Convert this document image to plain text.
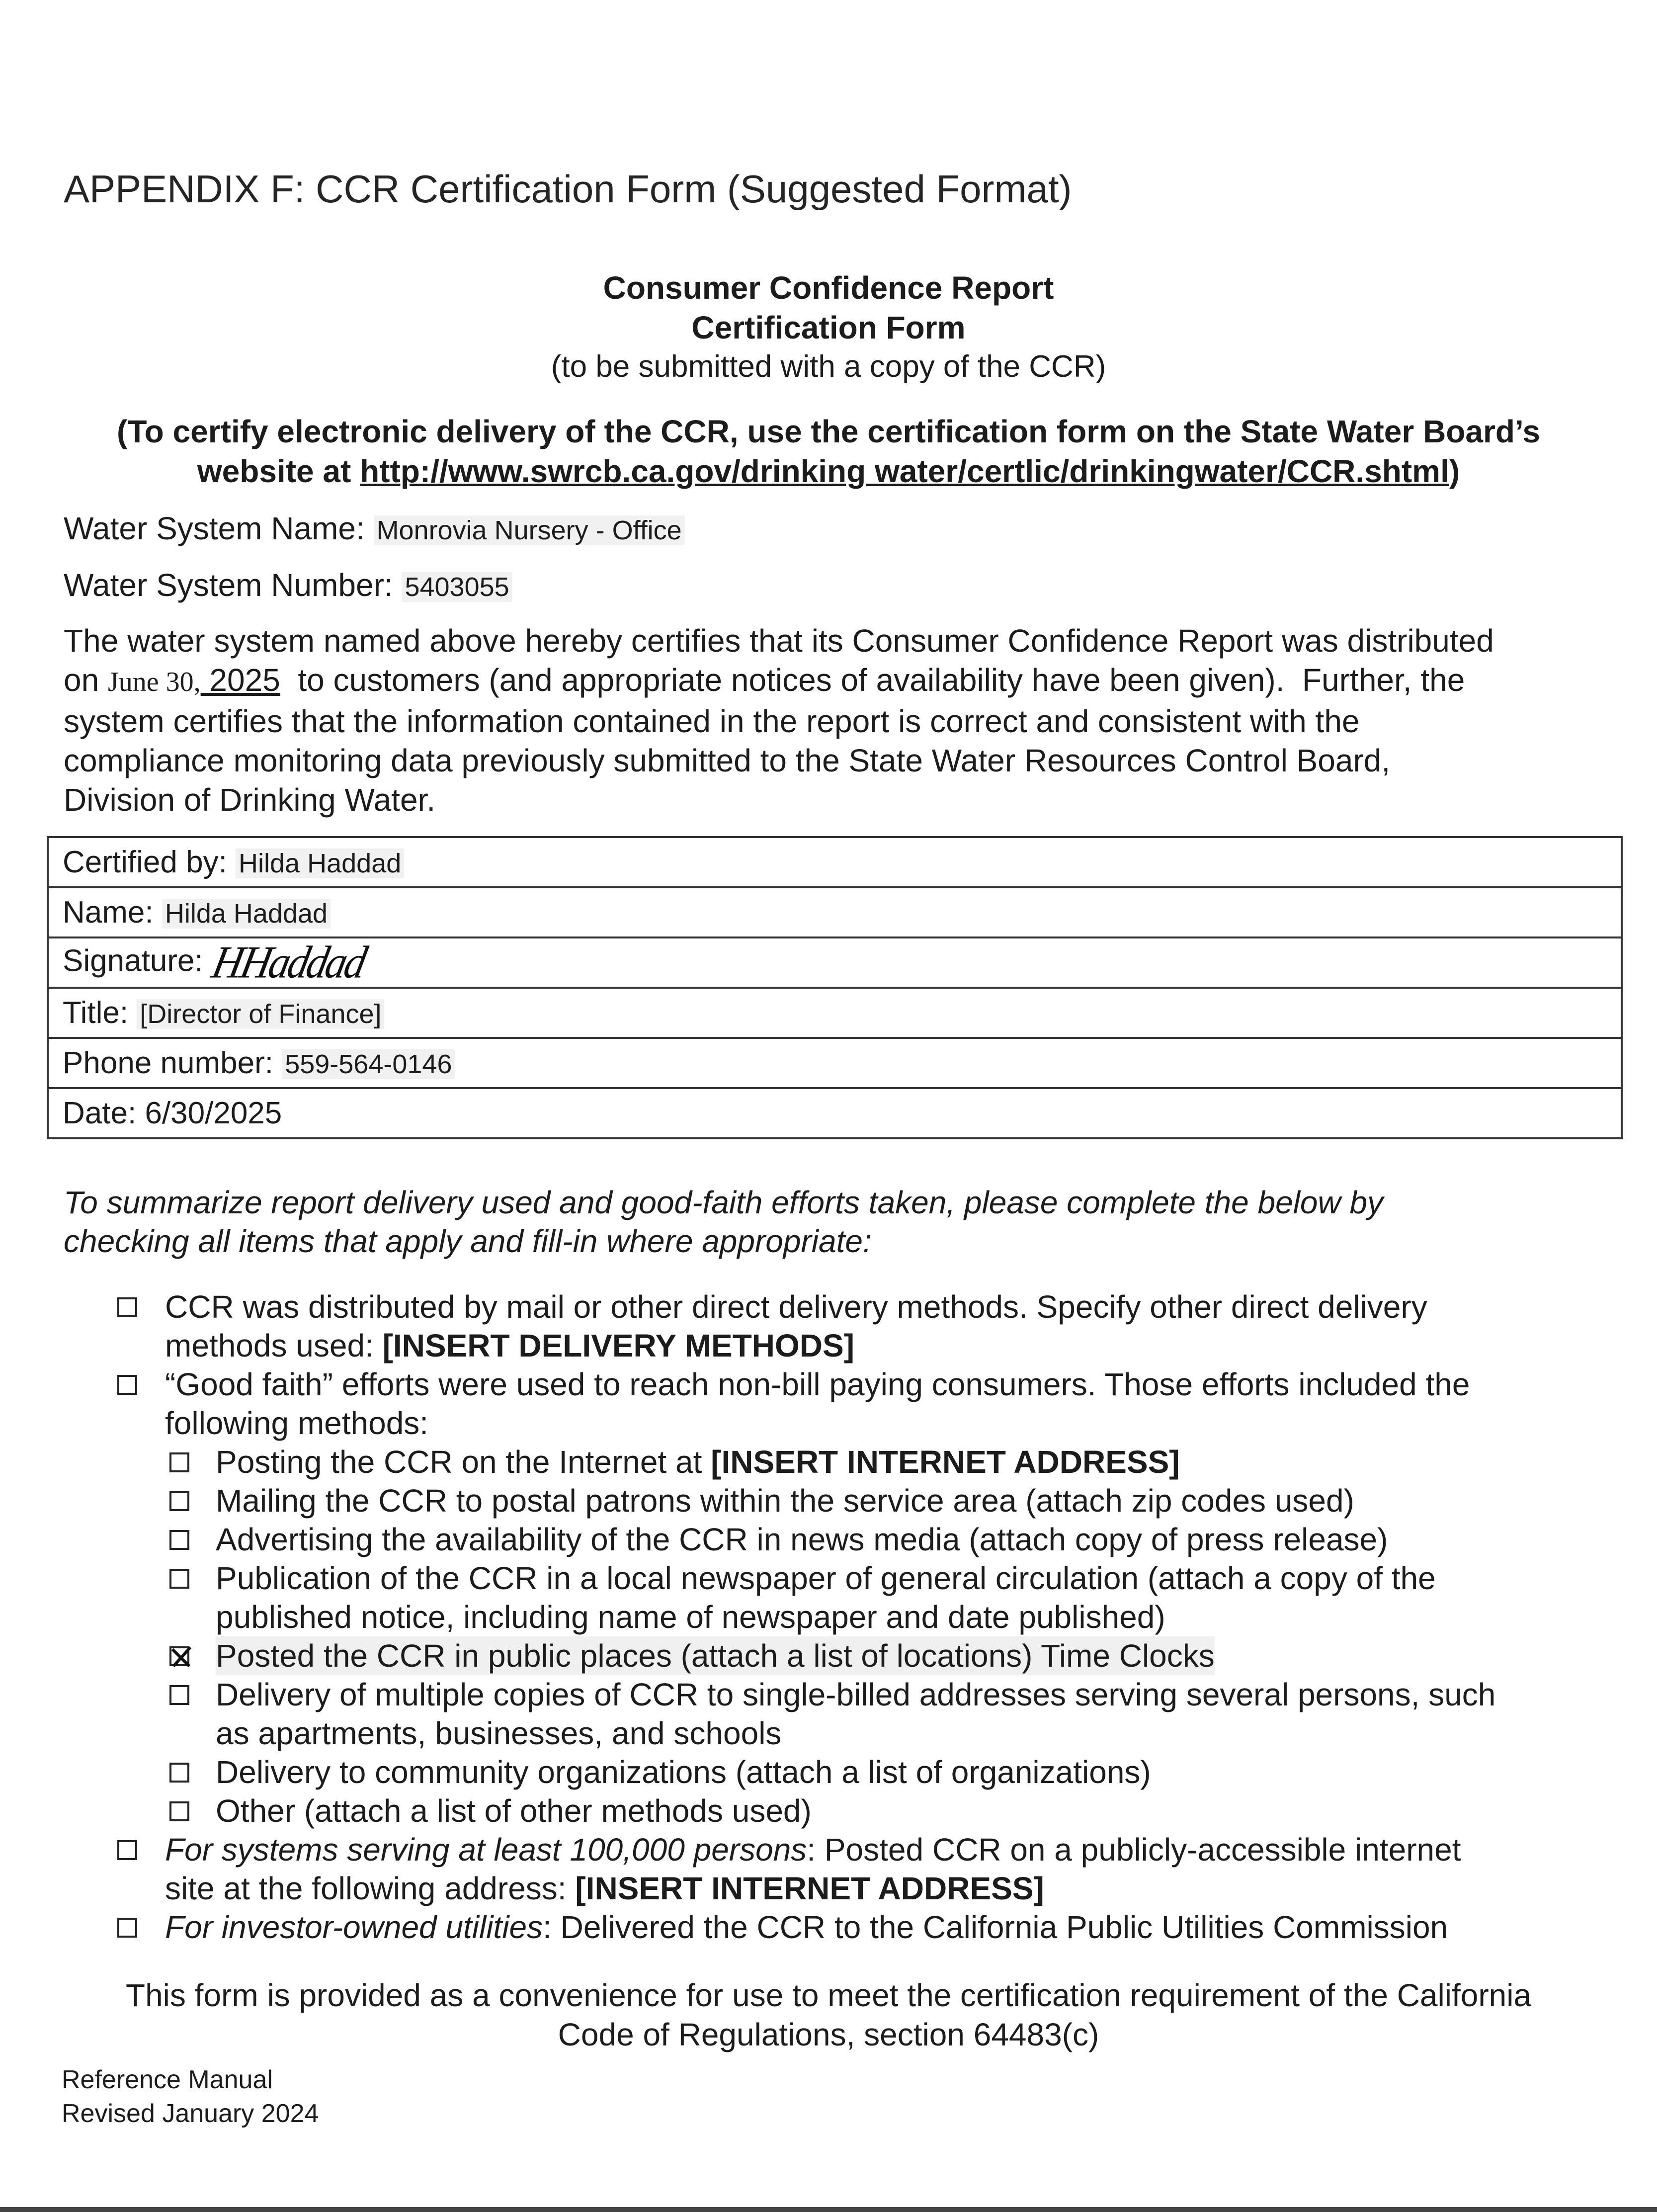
APPENDIX F: CCR Certification Form (Suggested Format)
Consumer Confidence Report
Certification Form
(to be submitted with a copy of the CCR)
(To certify electronic delivery of the CCR, use the certification form on the State Water Board’s
website at http://www.swrcb.ca.gov/drinking water/certlic/drinkingwater/CCR.shtml)
Water System Name: Monrovia Nursery - Office
Water System Number: 5403055
The water system named above hereby certifies that its Consumer Confidence Report was distributed
on June 30, 2025  to customers (and appropriate notices of availability have been given).  Further, the
system certifies that the information contained in the report is correct and consistent with the
compliance monitoring data previously submitted to the State Water Resources Control Board,
Division of Drinking Water.
Certified by: Hilda Haddad
Name: Hilda Haddad
Signature: HHaddad
Title: [Director of Finance]
Phone number: 559-564-0146
Date: 6/30/2025
To summarize report delivery used and good-faith efforts taken, please complete the below by
checking all items that apply and fill-in where appropriate:
CCR was distributed by mail or other direct delivery methods. Specify other direct delivery
methods used: [INSERT DELIVERY METHODS]
“Good faith” efforts were used to reach non-bill paying consumers. Those efforts included the
following methods:
Posting the CCR on the Internet at [INSERT INTERNET ADDRESS]
Mailing the CCR to postal patrons within the service area (attach zip codes used)
Advertising the availability of the CCR in news media (attach copy of press release)
Publication of the CCR in a local newspaper of general circulation (attach a copy of the
published notice, including name of newspaper and date published)
Posted the CCR in public places (attach a list of locations) Time Clocks
Delivery of multiple copies of CCR to single-billed addresses serving several persons, such
as apartments, businesses, and schools
Delivery to community organizations (attach a list of organizations)
Other (attach a list of other methods used)
For systems serving at least 100,000 persons: Posted CCR on a publicly-accessible internet
site at the following address: [INSERT INTERNET ADDRESS]
For investor-owned utilities: Delivered the CCR to the California Public Utilities Commission
This form is provided as a convenience for use to meet the certification requirement of the California
Code of Regulations, section 64483(c)
Reference Manual
Revised January 2024
